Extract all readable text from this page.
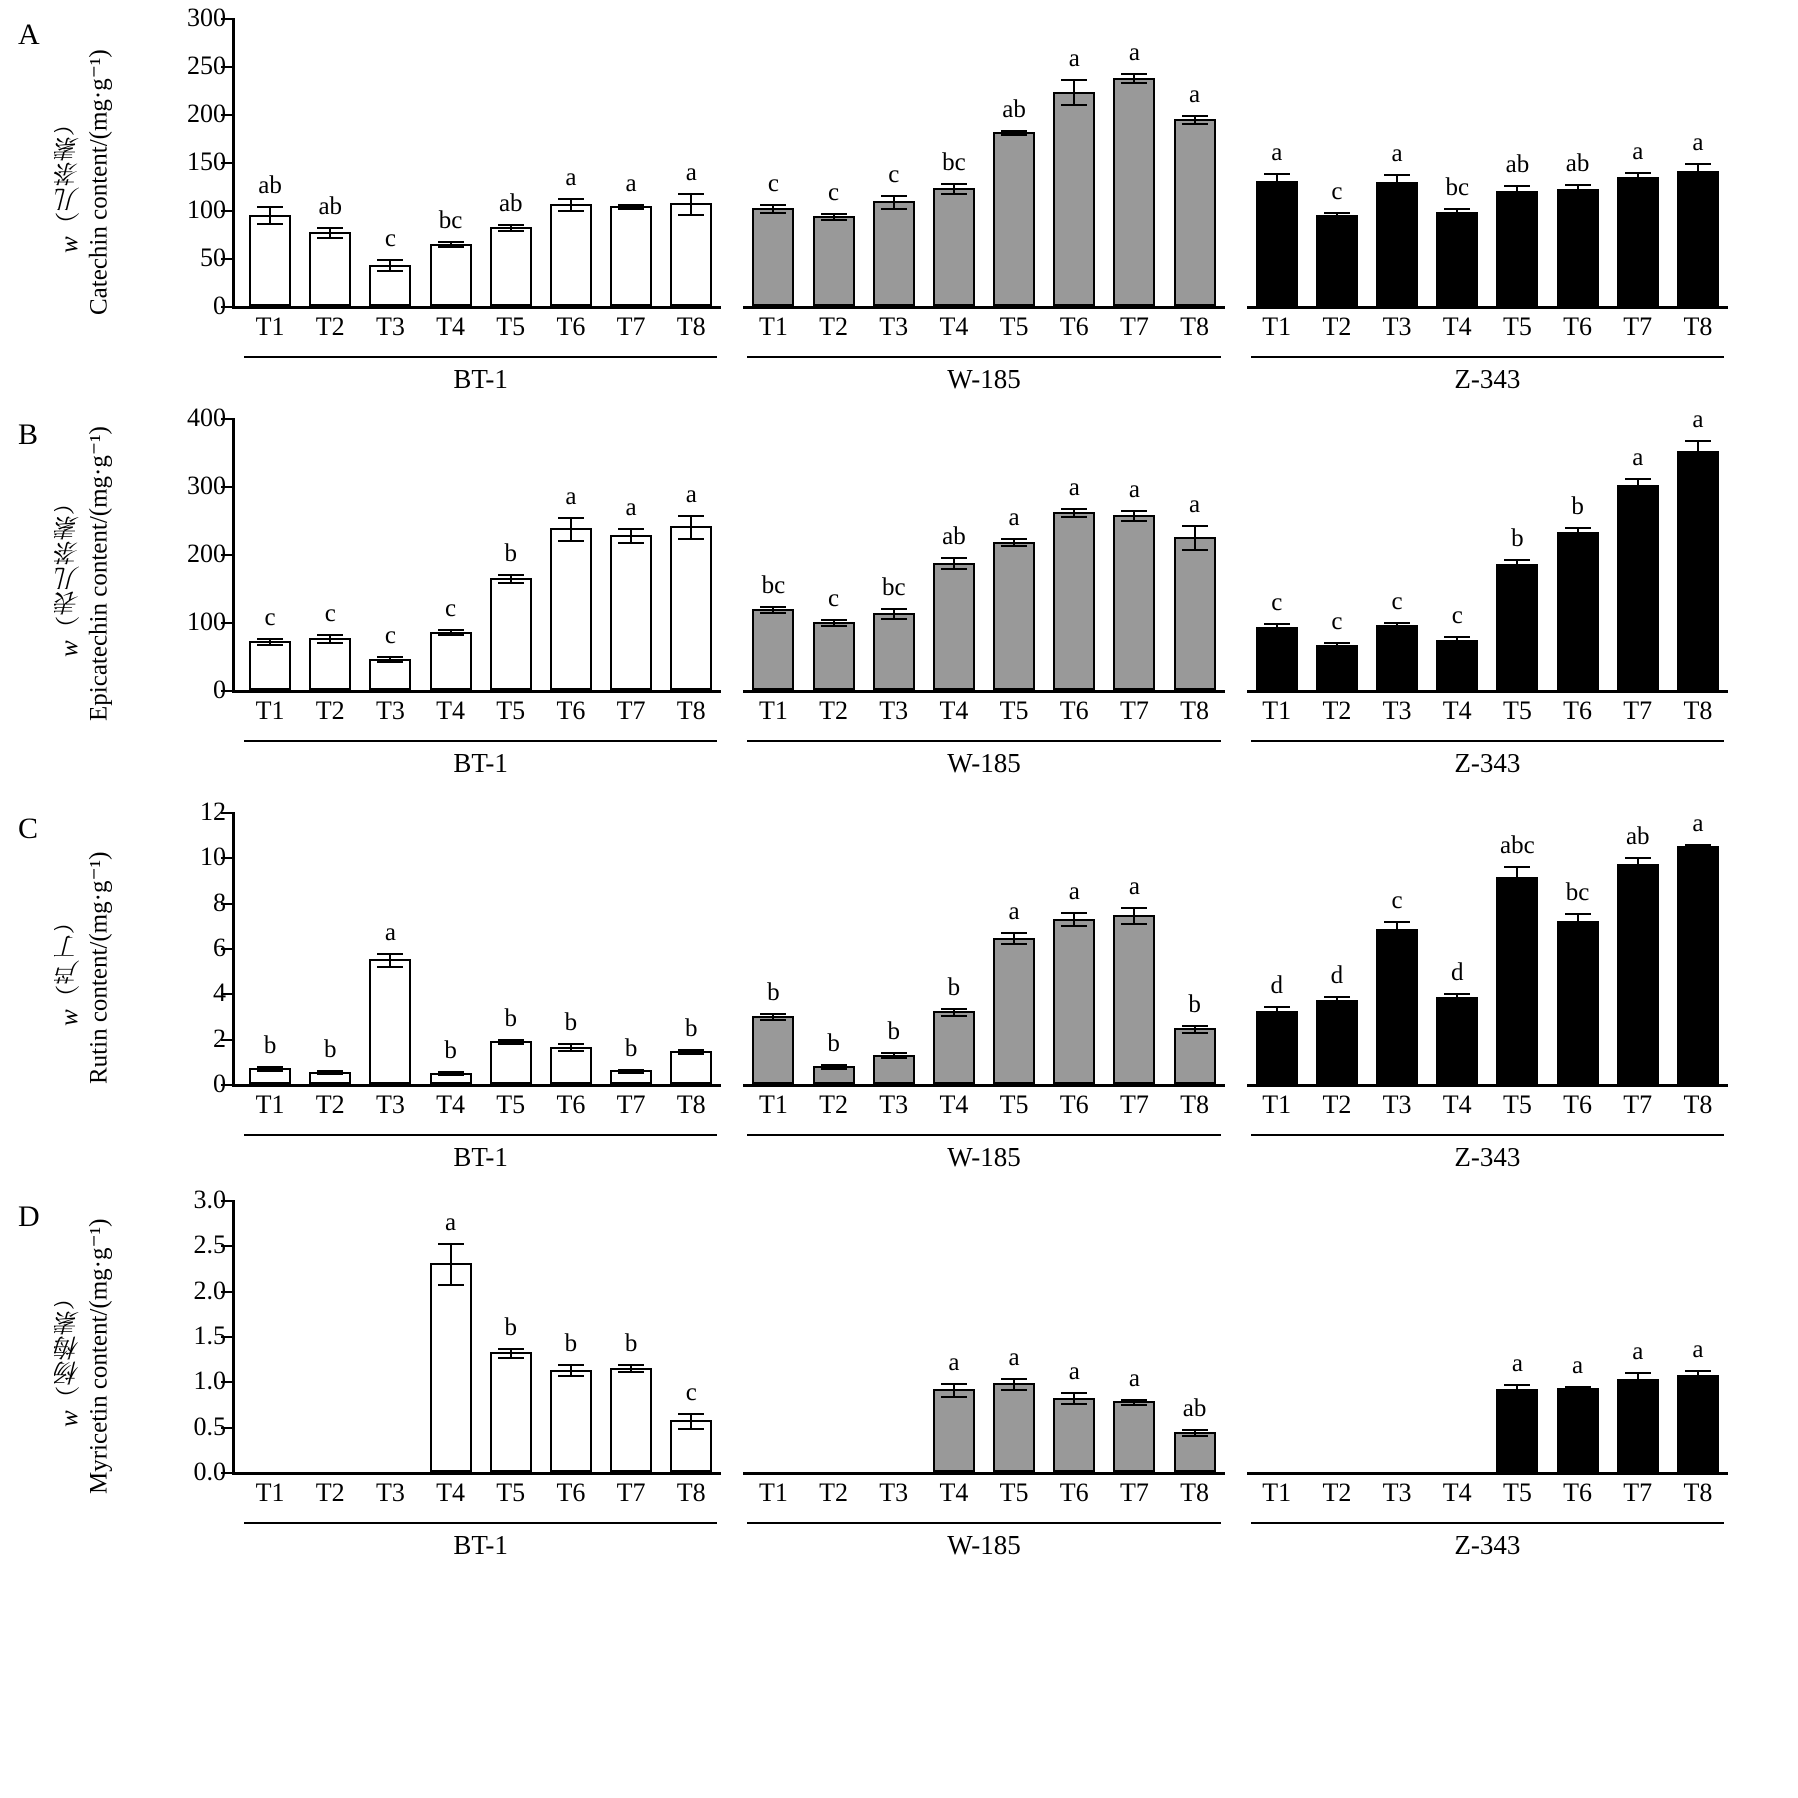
A
w（儿茶素） Catechin content/(mg·g⁻¹)	0
50
100
150
200
250
300
ab
T1
ab
T2
c
T3
bc
T4
ab
T5
a
T6
a
T7
a
T8
BT-1
c
T1
c
T2
c
T3
bc
T4
ab
T5
a
T6
a
T7
a
T8
W-185
a
T1
c
T2
a
T3
bc
T4
ab
T5
ab
T6
a
T7
a
T8
Z-343
B
w（表儿茶素） Epicatechin content/(mg·g⁻¹)	0
100
200
300
400
c
T1
c
T2
c
T3
c
T4
b
T5
a
T6
a
T7
a
T8
BT-1
bc
T1
c
T2
bc
T3
ab
T4
a
T5
a
T6
a
T7
a
T8
W-185
c
T1
c
T2
c
T3
c
T4
b
T5
b
T6
a
T7
a
T8
Z-343
C
w（芦丁） Rutin content/(mg·g⁻¹)	0
2
4
6
8
10
12
b
T1
b
T2
a
T3
b
T4
b
T5
b
T6
b
T7
b
T8
BT-1
b
T1
b
T2
b
T3
b
T4
a
T5
a
T6
a
T7
b
T8
W-185
d
T1
d
T2
c
T3
d
T4
abc
T5
bc
T6
ab
T7
a
T8
Z-343
D
w（杨梅素） Myricetin content/(mg·g⁻¹)	0.0
0.5
1.0
1.5
2.0
2.5
3.0
T1 T2 T3
a
T4
b
T5
b
T6
b
T7
c
T8
BT-1
T1 T2 T3
a
T4
a
T5
a
T6
a
T7
ab
T8
W-185
T1 T2 T3 T4
a
T5
a
T6
a
T7
a
T8
Z-343
